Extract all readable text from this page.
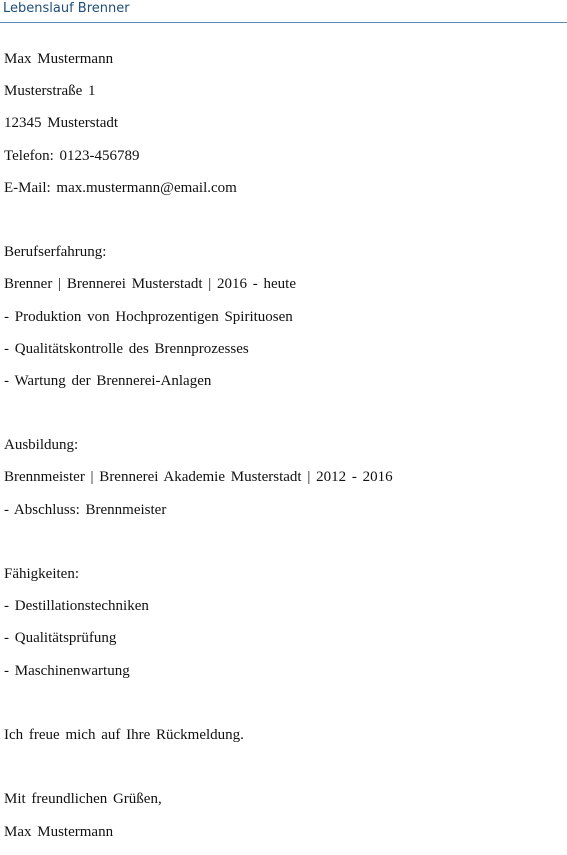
Lebenslauf Brenner
Max Mustermann
Musterstraße 1
12345 Musterstadt
Telefon: 0123-456789
E-Mail: max.mustermann@email.com
Berufserfahrung:
Brenner | Brennerei Musterstadt | 2016 - heute
- Produktion von Hochprozentigen Spirituosen
- Qualitätskontrolle des Brennprozesses
- Wartung der Brennerei-Anlagen
Ausbildung:
Brennmeister | Brennerei Akademie Musterstadt | 2012 - 2016
- Abschluss: Brennmeister
Fähigkeiten:
- Destillationstechniken
- Qualitätsprüfung
- Maschinenwartung
Ich freue mich auf Ihre Rückmeldung.
Mit freundlichen Grüßen,
Max Mustermann
